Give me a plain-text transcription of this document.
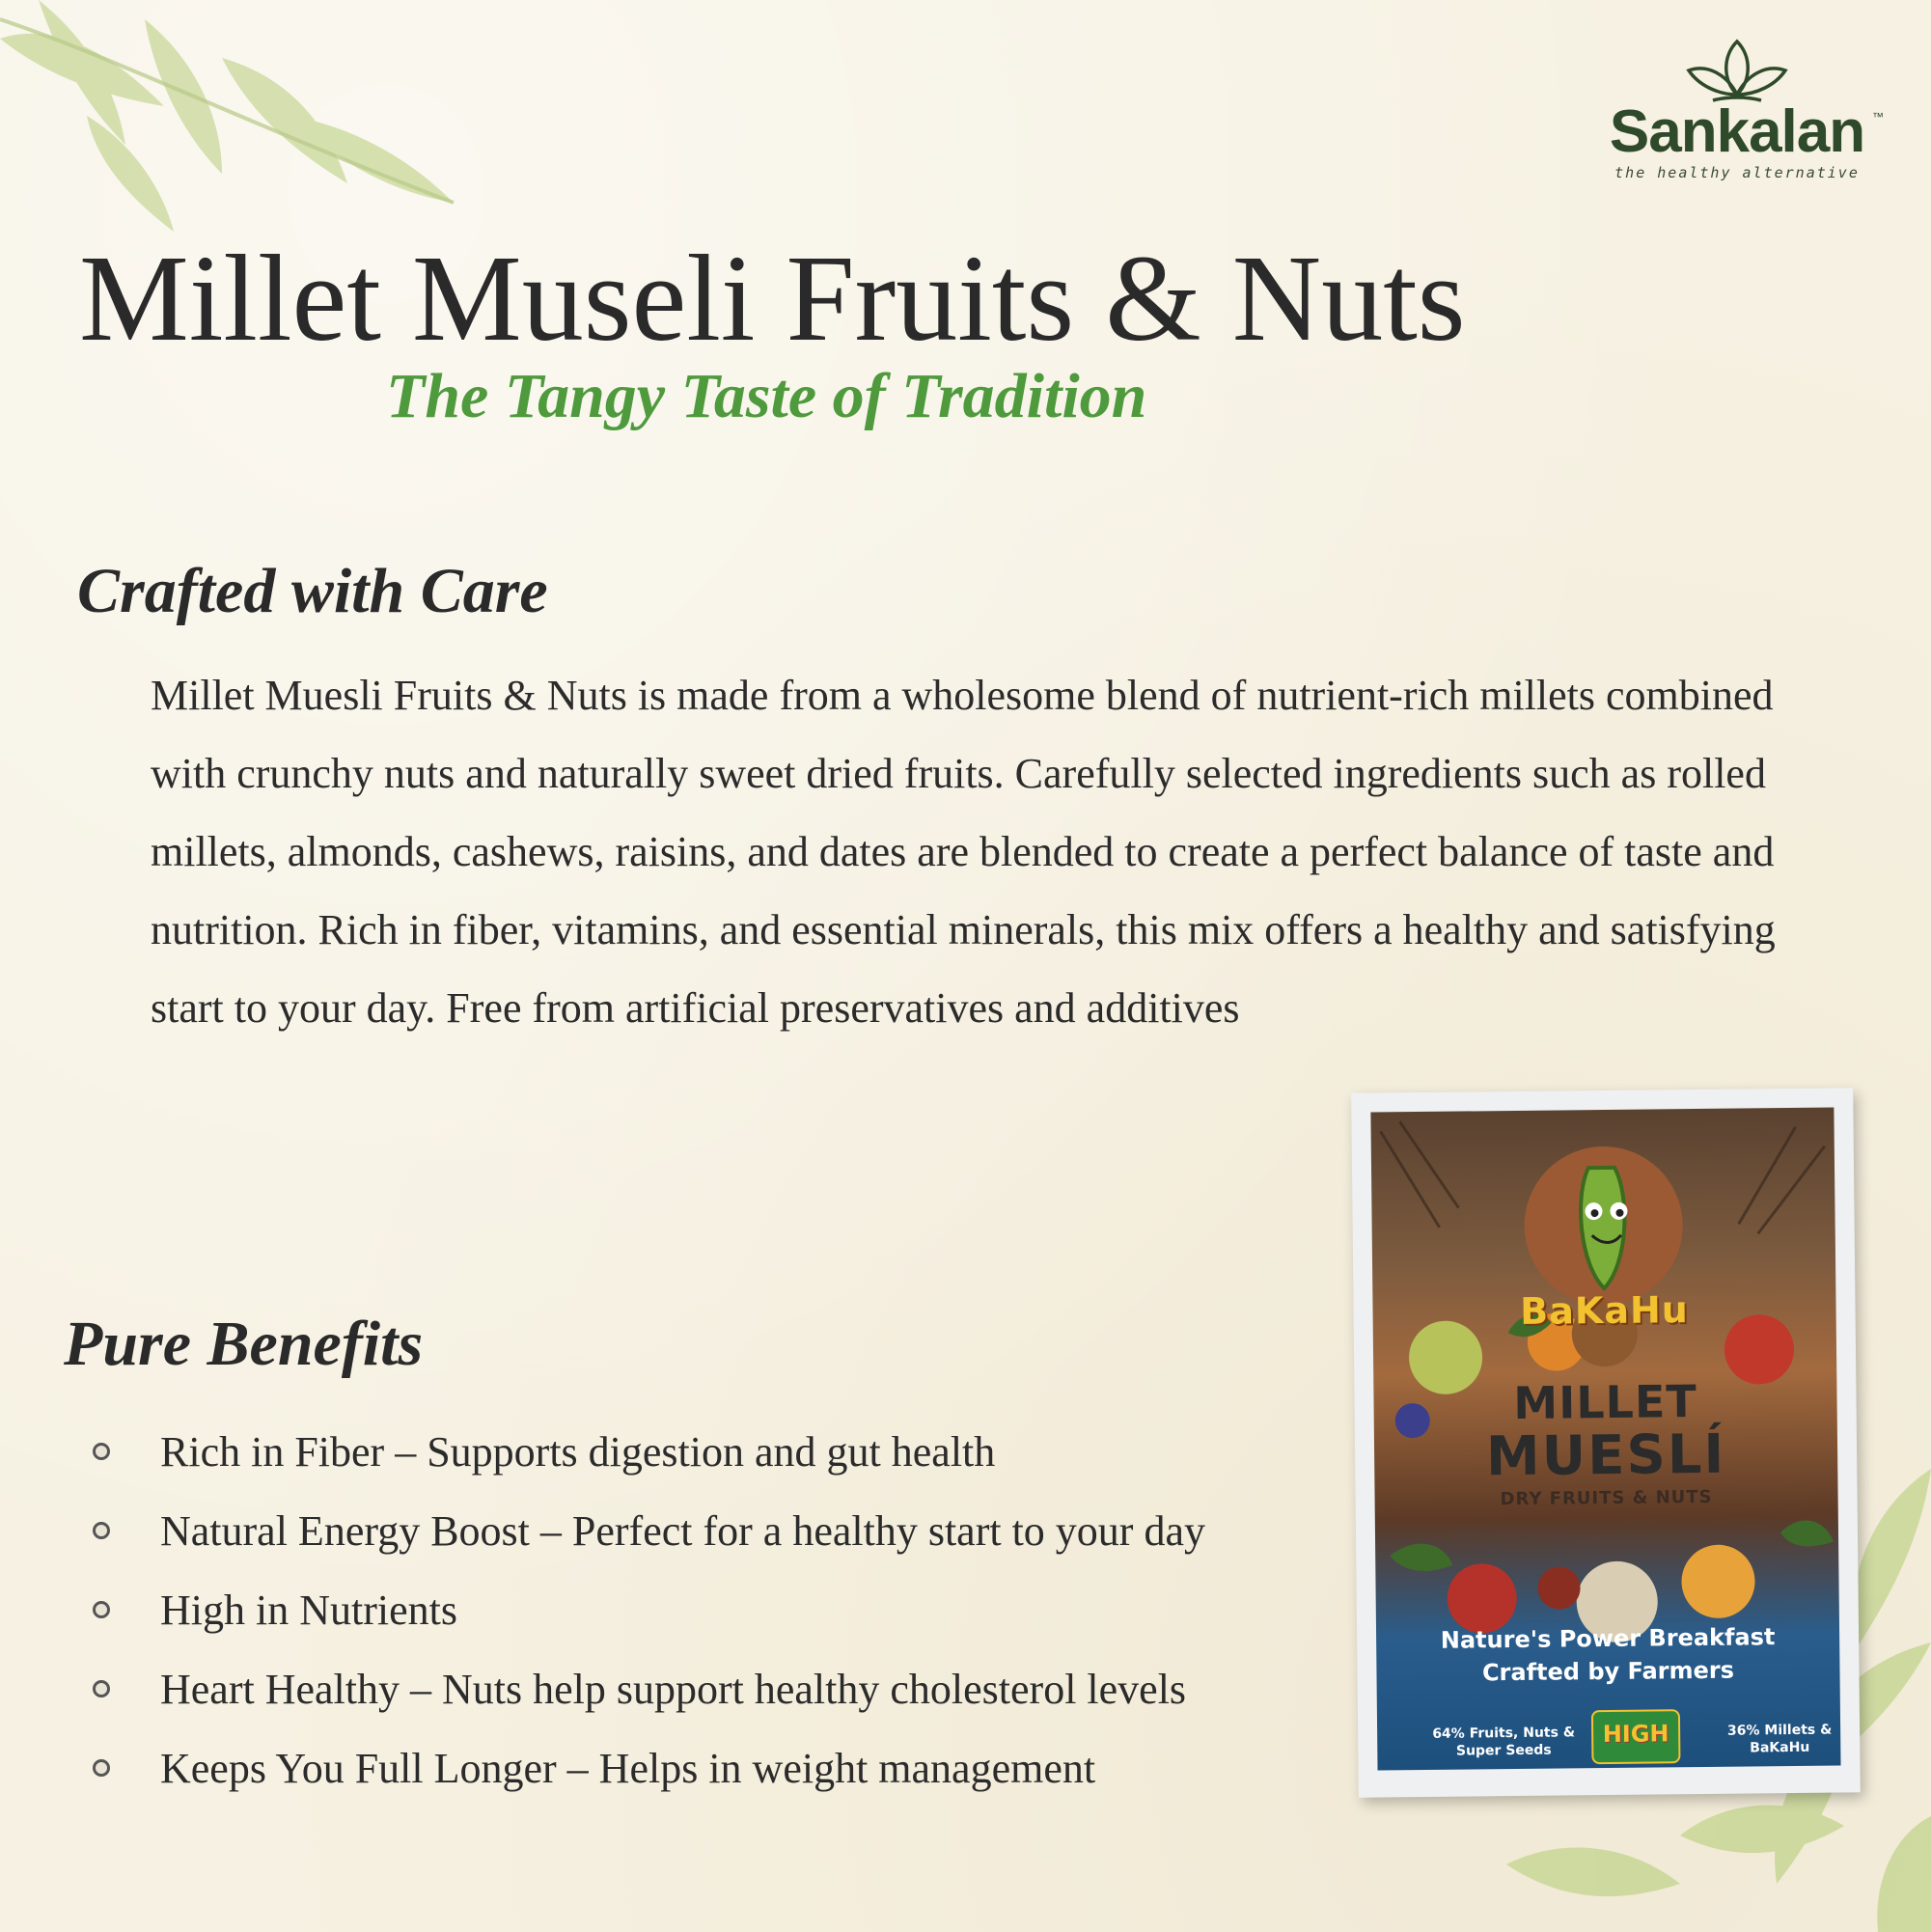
Sankalan ™
the healthy alternative
Millet Museli Fruits & Nuts
The Tangy Taste of Tradition
Crafted with Care

Millet Muesli Fruits & Nuts is made from a wholesome blend of nutrient-rich millets combined with crunchy nuts and naturally sweet dried fruits. Carefully selected ingredients such as rolled millets, almonds, cashews, raisins, and dates are blended to create a perfect balance of taste and nutrition. Rich in fiber, vitamins, and essential minerals, this mix offers a healthy and satisfying start to your day. Free from artificial preservatives and additives

Pure Benefits
Rich in Fiber – Supports digestion and gut health
Natural Energy Boost – Perfect for a healthy start to your day
High in Nutrients
Heart Healthy – Nuts help support healthy cholesterol levels
Keeps You Full Longer – Helps in weight management
BaKaHu
MILLET
MUESLÍ
DRY FRUITS & NUTS
Nature's Power Breakfast
Crafted by Farmers
64% Fruits, Nuts & Super Seeds
HIGH	36% Millets & BaKaHu
